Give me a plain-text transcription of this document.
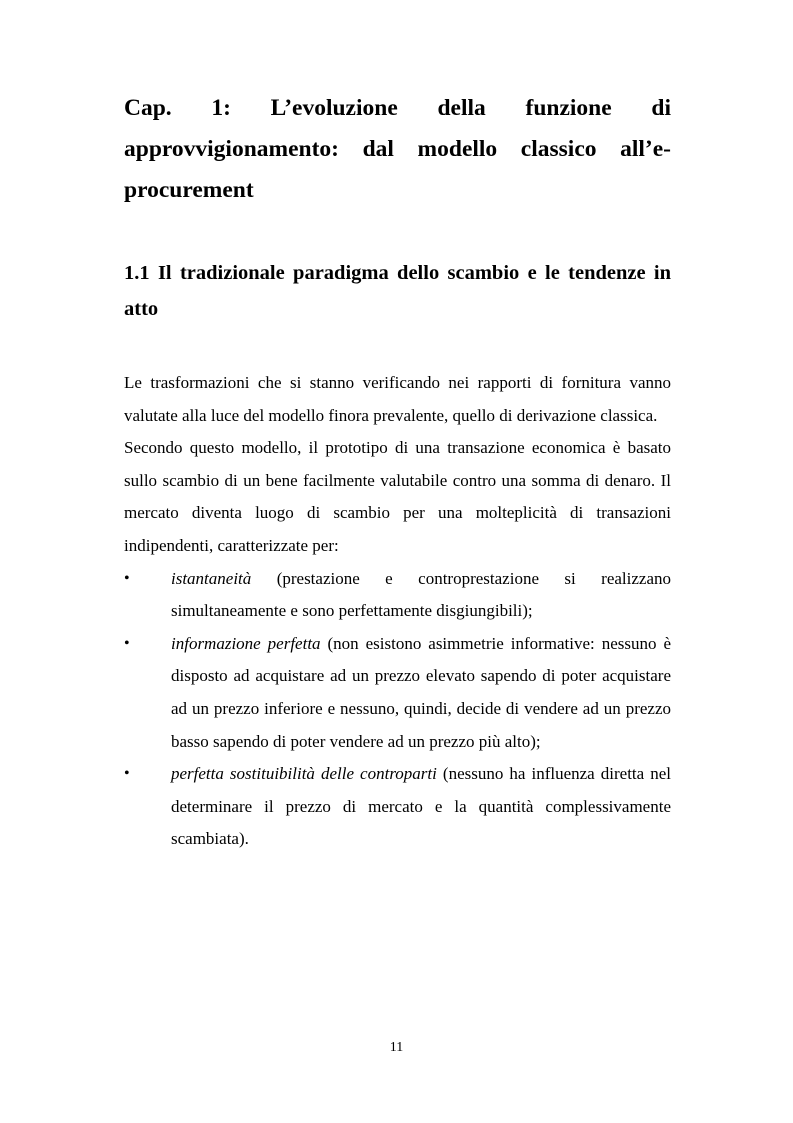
Cap. 1: L’evoluzione della funzione di approvvigionamento: dal modello classico all’e-procurement
1.1 Il tradizionale paradigma dello scambio e le tendenze in atto

Le trasformazioni che si stanno verificando nei rapporti di fornitura vanno valutate alla luce del modello finora prevalente, quello di derivazione classica.

Secondo questo modello, il prototipo di una transazione economica è basato sullo scambio di un bene facilmente valutabile contro una somma di denaro. Il mercato diventa luogo di scambio per una molteplicità di transazioni indipendenti, caratterizzate per:

• istantaneità (prestazione e controprestazione si realizzano simultaneamente e sono perfettamente disgiungibili);
• informazione perfetta (non esistono asimmetrie informative: nessuno è disposto ad acquistare ad un prezzo elevato sapendo di poter acquistare ad un prezzo inferiore e nessuno, quindi, decide di vendere ad un prezzo basso sapendo di poter vendere ad un prezzo più alto);
• perfetta sostituibilità delle controparti (nessuno ha influenza diretta nel determinare il prezzo di mercato e la quantità complessivamente scambiata).
11
